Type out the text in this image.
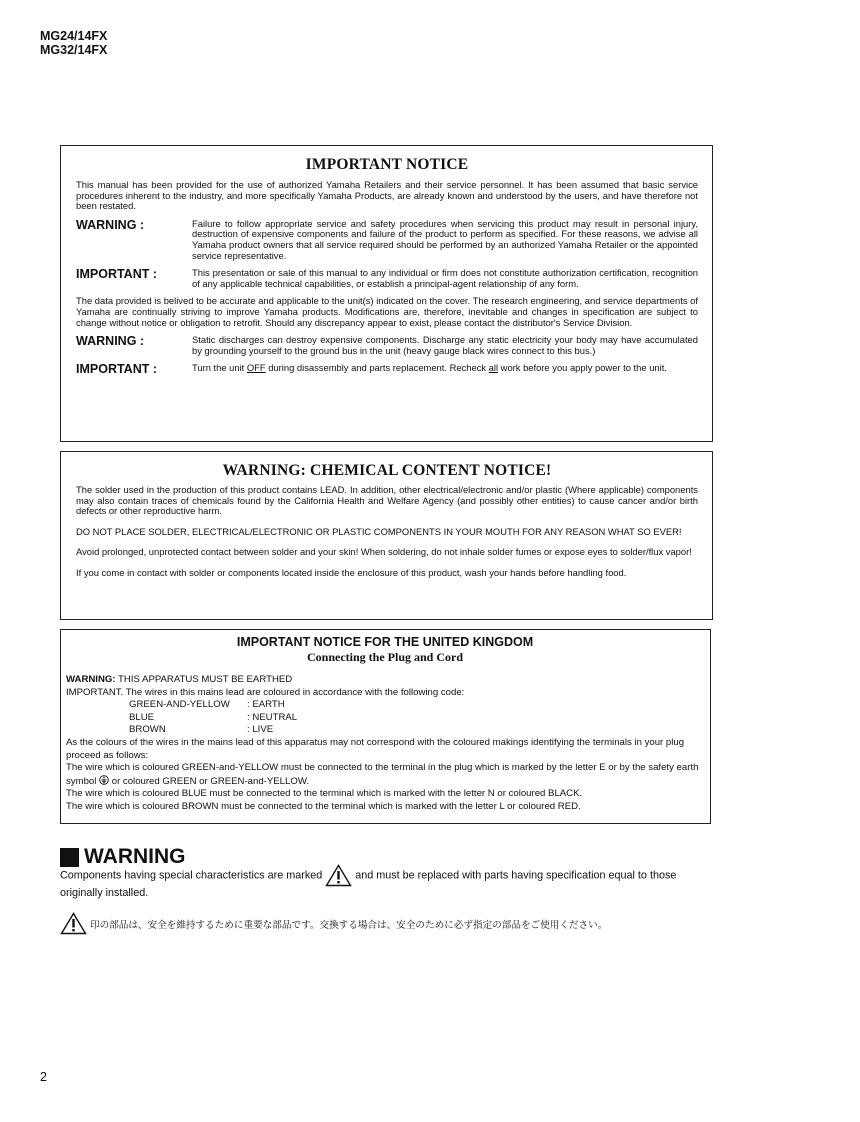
MG24/14FX
MG32/14FX
IMPORTANT NOTICE
This manual has been provided for the use of authorized Yamaha Retailers and their service personnel. It has been assumed that basic service procedures inherent to the industry, and more specifically Yamaha Products, are already known and understood by the users, and have therefore not been restated.
WARNING :	Failure to follow appropriate service and safety procedures when servicing this product may result in personal injury, destruction of expensive components and failure of the product to perform as specified. For these reasons, we advise all Yamaha product owners that all service required should be performed by an authorized Yamaha Retailer or the appointed service representative.
IMPORTANT :	This presentation or sale of this manual to any individual or firm does not constitute authorization certification, recognition of any applicable technical capabilities, or establish a principal-agent relationship of any form.
The data provided is belived to be accurate and applicable to the unit(s) indicated on the cover. The research engineering, and service departments of Yamaha are continually striving to improve Yamaha products. Modifications are, therefore, inevitable and changes in specification are subject to change without notice or obligation to retrofit. Should any discrepancy appear to exist, please contact the distributor's Service Division.
WARNING :	Static discharges can destroy expensive components. Discharge any static electricity your body may have accumulated by grounding yourself to the ground bus in the unit (heavy gauge black wires connect to this bus.)
IMPORTANT :	Turn the unit OFF during disassembly and parts replacement. Recheck all work before you apply power to the unit.
WARNING: CHEMICAL CONTENT NOTICE!
The solder used in the production of this product contains LEAD. In addition, other electrical/electronic and/or plastic (Where applicable) components may also contain traces of chemicals found by the California Health and Welfare Agency (and possibly other entities) to cause cancer and/or birth defects or other reproductive harm.
DO NOT PLACE SOLDER, ELECTRICAL/ELECTRONIC OR PLASTIC COMPONENTS IN YOUR MOUTH FOR ANY REASON WHAT SO EVER!
Avoid prolonged, unprotected contact between solder and your skin! When soldering, do not inhale solder fumes or expose eyes to solder/flux vapor!
If you come in contact with solder or components located inside the enclosure of this product, wash your hands before handling food.
IMPORTANT NOTICE FOR THE UNITED KINGDOM
Connecting the Plug and Cord
WARNING: THIS APPARATUS MUST BE EARTHED
IMPORTANT. The wires in this mains lead are coloured in accordance with the following code:
GREEN-AND-YELLOW	: EARTH
BLUE	: NEUTRAL
BROWN	: LIVE
As the colours of the wires in the mains lead of this apparatus may not correspond with the coloured makings identifying the terminals in your plug proceed as follows:
The wire which is coloured GREEN-and-YELLOW must be connected to the terminal in the plug which is marked by the letter E or by the safety earth symbol  or coloured GREEN or GREEN-and-YELLOW.
The wire which is coloured BLUE must be connected to the terminal which is marked with the letter N or coloured BLACK.
The wire which is coloured BROWN must be connected to the terminal which is marked with the letter L or coloured RED.
WARNING
Components having special characteristics are marked	and must be replaced with parts having specification equal to those originally installed.
印の部品は、安全を維持するために重要な部品です。交換する場合は、安全のために必ず指定の部品をご使用ください。
2
